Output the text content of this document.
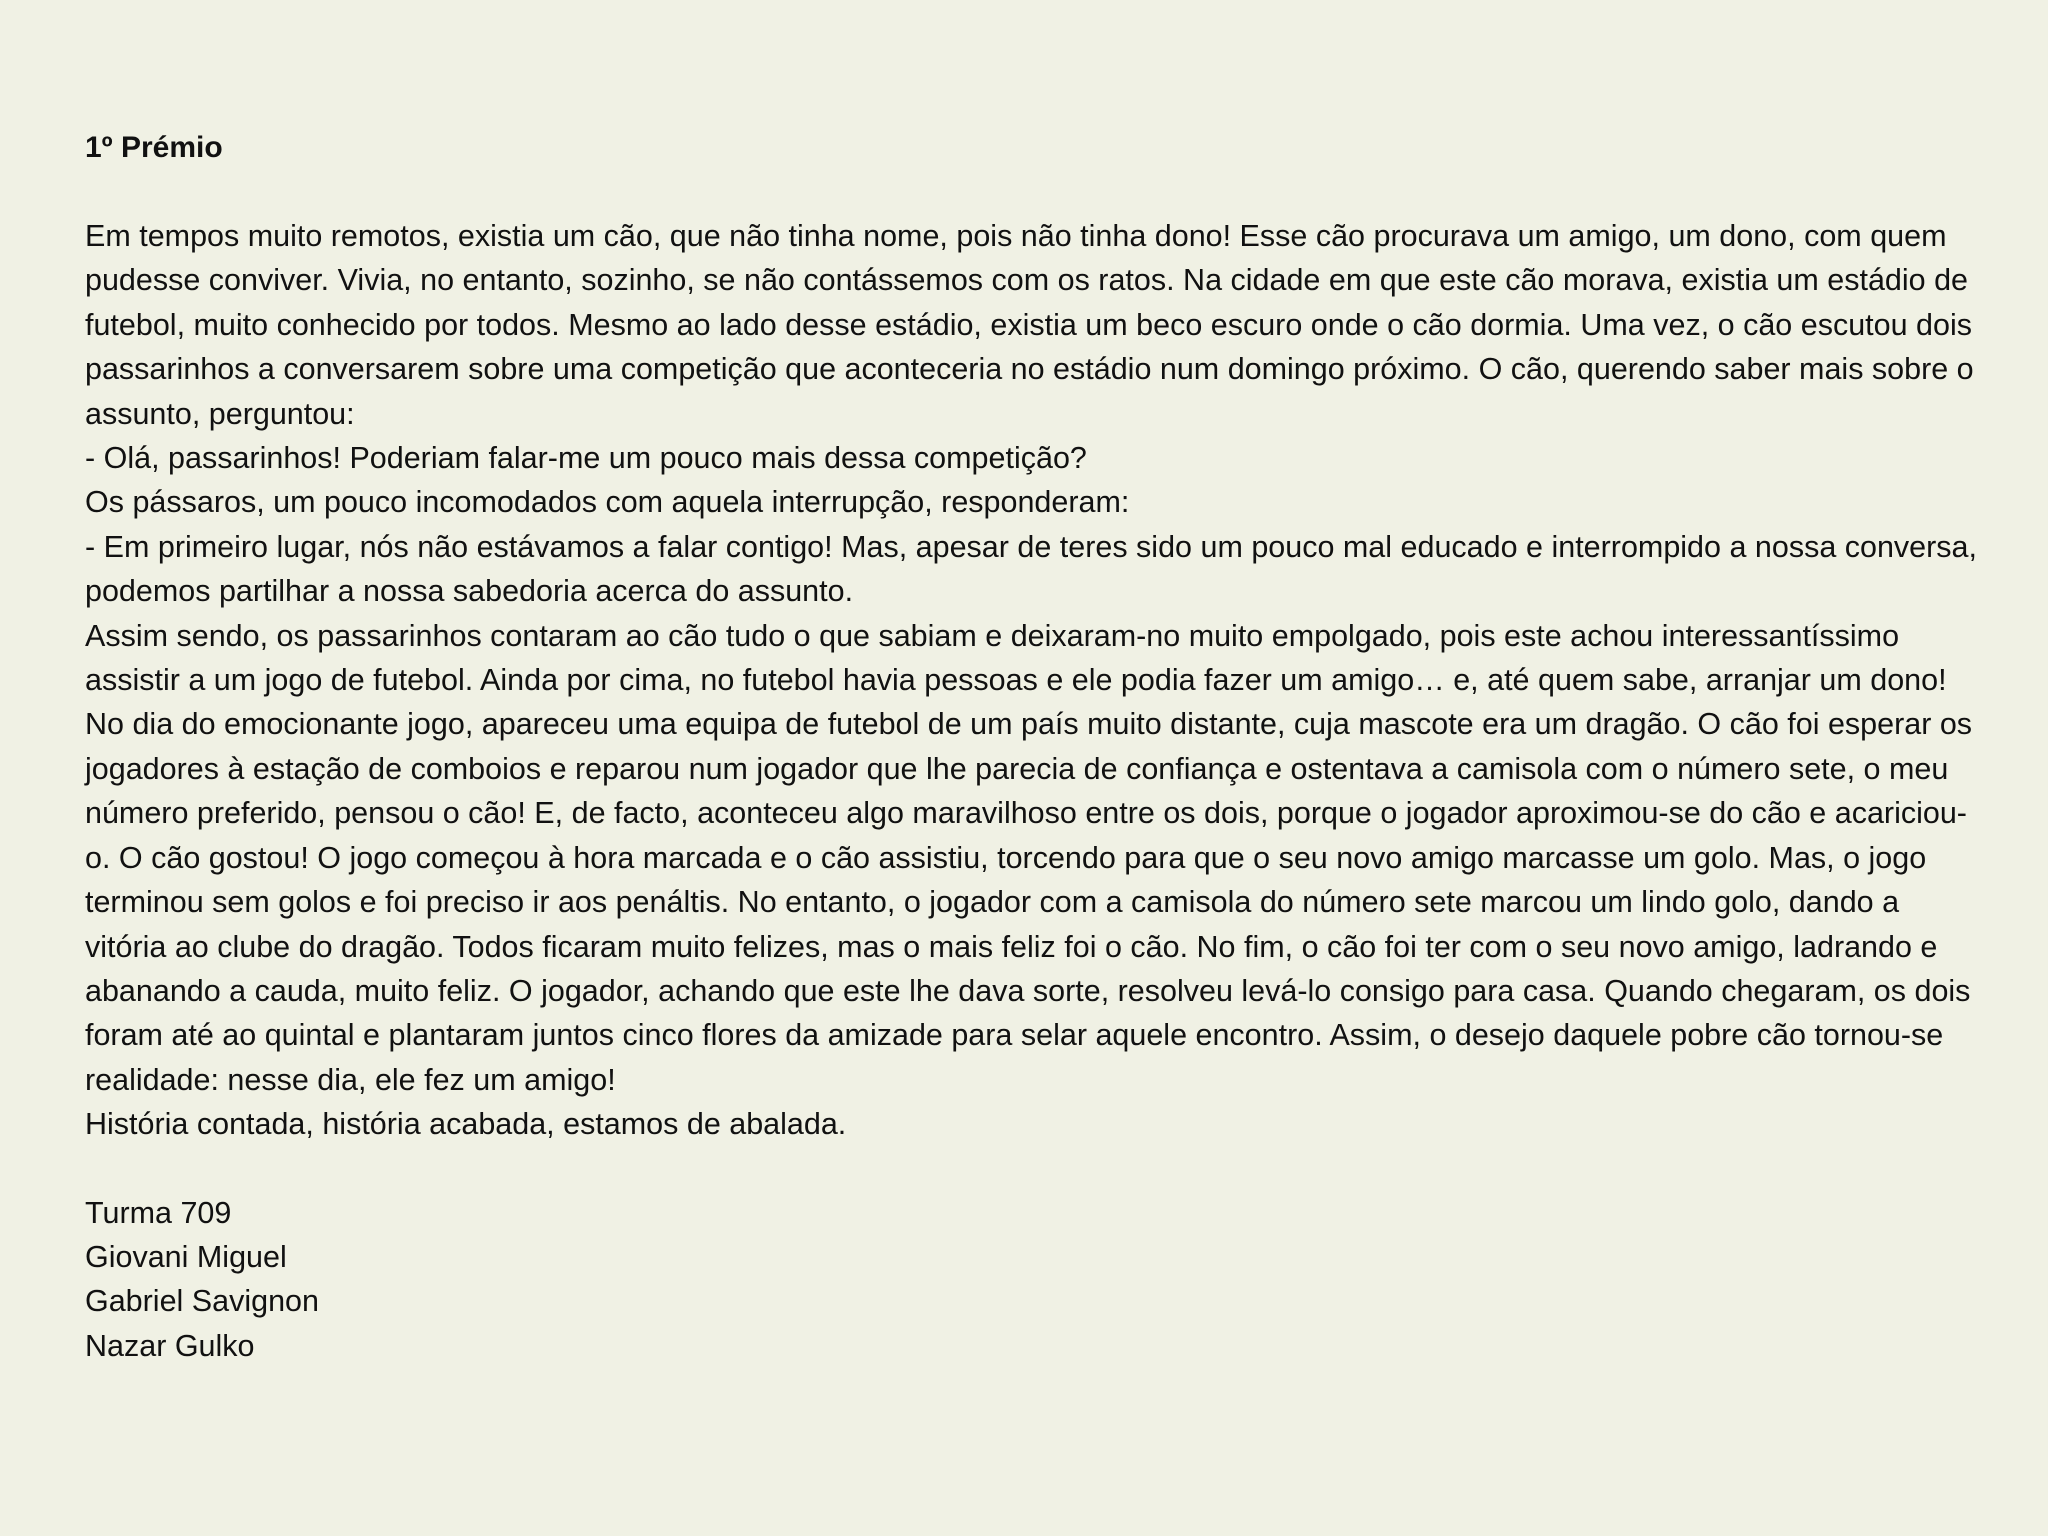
1º Prémio

Em tempos muito remotos, existia um cão, que não tinha nome, pois não tinha dono! Esse cão procurava um amigo, um dono, com quem pudesse conviver. Vivia, no entanto, sozinho, se não contássemos com os ratos. Na cidade em que este cão morava, existia um estádio de futebol, muito conhecido por todos. Mesmo ao lado desse estádio, existia um beco escuro onde o cão dormia. Uma vez, o cão escutou dois passarinhos a conversarem sobre uma competição que aconteceria no estádio num domingo próximo. O cão, querendo saber mais sobre o assunto, perguntou:

- Olá, passarinhos! Poderiam falar-me um pouco mais dessa competição?

Os pássaros, um pouco incomodados com aquela interrupção, responderam:

- Em primeiro lugar, nós não estávamos a falar contigo! Mas, apesar de teres sido um pouco mal educado e interrompido a nossa conversa, podemos partilhar a nossa sabedoria acerca do assunto.

Assim sendo, os passarinhos contaram ao cão tudo o que sabiam e deixaram-no muito empolgado, pois este achou interessantíssimo assistir a um jogo de futebol. Ainda por cima, no futebol havia pessoas e ele podia fazer um amigo… e, até quem sabe, arranjar um dono!

No dia do emocionante jogo, apareceu uma equipa de futebol de um país muito distante, cuja mascote era um dragão. O cão foi esperar os jogadores à estação de comboios e reparou num jogador que lhe parecia de confiança e ostentava a camisola com o número sete, o meu número preferido, pensou o cão! E, de facto, aconteceu algo maravilhoso entre os dois, porque o jogador aproximou-se do cão e acariciou-o. O cão gostou! O jogo começou à hora marcada e o cão assistiu, torcendo para que o seu novo amigo marcasse um golo. Mas, o jogo terminou sem golos e foi preciso ir aos penáltis. No entanto, o jogador com a camisola do número sete marcou um lindo golo, dando a vitória ao clube do dragão. Todos ficaram muito felizes, mas o mais feliz foi o cão. No fim, o cão foi ter com o seu novo amigo, ladrando e abanando a cauda, muito feliz. O jogador, achando que este lhe dava sorte, resolveu levá-lo consigo para casa. Quando chegaram, os dois foram até ao quintal e plantaram juntos cinco flores da amizade para selar aquele encontro. Assim, o desejo daquele pobre cão tornou-se realidade: nesse dia, ele fez um amigo!

História contada, história acabada, estamos de abalada.

Turma 709
Giovani Miguel
Gabriel Savignon
Nazar Gulko
